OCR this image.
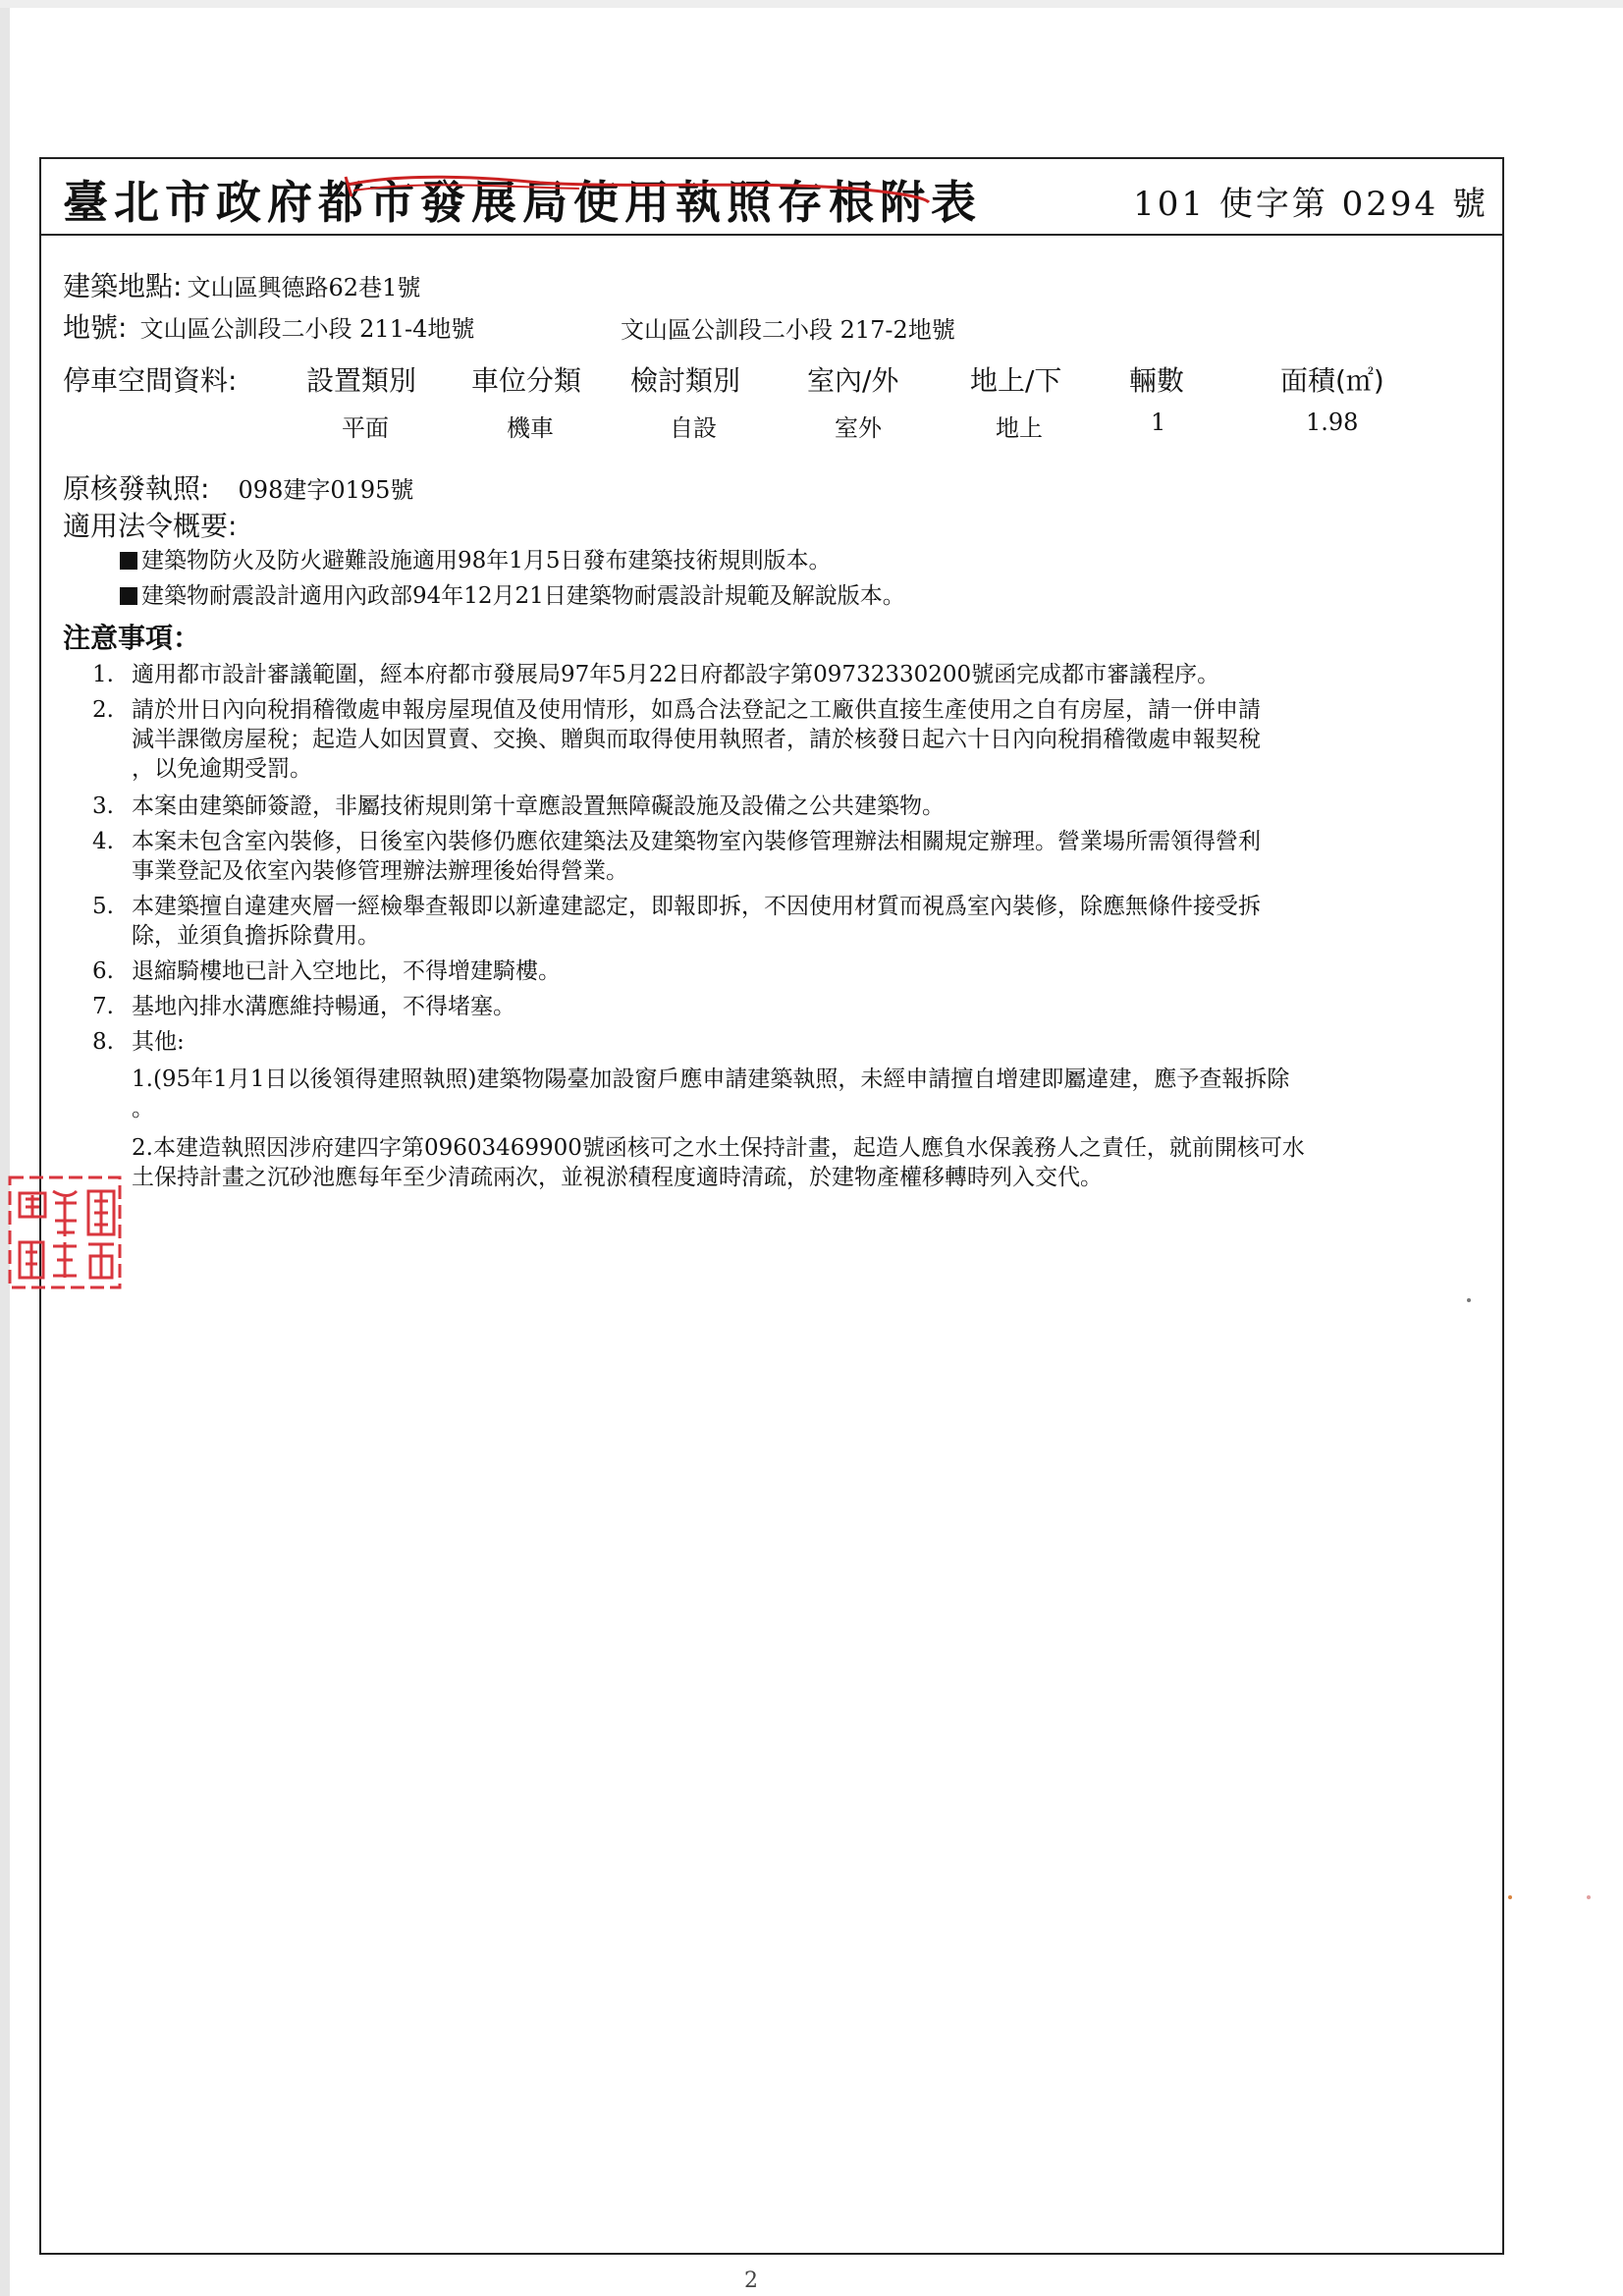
臺北市政府都市發展局使用執照存根附表	101 使字第 0294 號
建築地點: 文山區興德路62巷1號
地號: 文山區公訓段二小段 211-4地號	文山區公訓段二小段 217-2地號
停車空間資料:	設置類別 車位分類 檢討類別 室內/外	地上/下 輛數	面積(㎡)
平面	機車	自設	室外	地上	1	1.98
原核發執照: 098建字0195號
適用法令概要:
建築物防火及防火避難設施適用98年1月5日發布建築技術規則版本。
建築物耐震設計適用內政部94年12月21日建築物耐震設計規範及解說版本。
注意事項：
1. 適用都市設計審議範圍，經本府都市發展局97年5月22日府都設字第09732330200號函完成都市審議程序。
2. 請於卅日內向稅捐稽徵處申報房屋現值及使用情形，如爲合法登記之工廠供直接生產使用之自有房屋，請一併申請
減半課徵房屋稅；起造人如因買賣、交換、贈與而取得使用執照者，請於核發日起六十日內向稅捐稽徵處申報契稅
，以免逾期受罰。
3. 本案由建築師簽證，非屬技術規則第十章應設置無障礙設施及設備之公共建築物。
4. 本案未包含室內裝修，日後室內裝修仍應依建築法及建築物室內裝修管理辦法相關規定辦理。營業場所需領得營利
事業登記及依室內裝修管理辦法辦理後始得營業。
5. 本建築擅自違建夾層一經檢舉查報即以新違建認定，即報即拆，不因使用材質而視爲室內裝修，除應無條件接受拆
除，並須負擔拆除費用。
6. 退縮騎樓地已計入空地比，不得增建騎樓。
7. 基地內排水溝應維持暢通，不得堵塞。
8. 其他:
1.(95年1月1日以後領得建照執照)建築物陽臺加設窗戶應申請建築執照，未經申請擅自增建即屬違建，應予查報拆除
。
2.本建造執照因涉府建四字第09603469900號函核可之水土保持計畫，起造人應負水保義務人之責任，就前開核可水
土保持計畫之沉砂池應每年至少清疏兩次，並視淤積程度適時清疏，於建物產權移轉時列入交代。
2
